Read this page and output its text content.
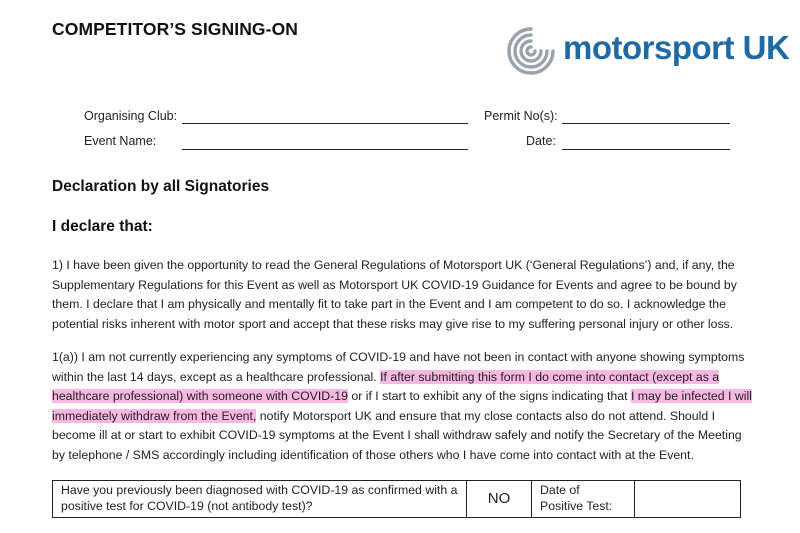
COMPETITOR’S SIGNING-ON	motorsport UK
Organising Club:	Permit No(s):
Event Name:	Date:
Declaration by all Signatories
I declare that:

1) I have been given the opportunity to read the General Regulations of Motorsport UK (‘General Regulations’) and, if any, the Supplementary Regulations for this Event as well as Motorsport UK COVID-19 Guidance for Events and agree to be bound by them. I declare that I am physically and mentally fit to take part in the Event and I am competent to do so. I acknowledge the potential risks inherent with motor sport and accept that these risks may give rise to my suffering personal injury or other loss.

1(a)) I am not currently experiencing any symptoms of COVID-19 and have not been in contact with anyone showing symptoms within the last 14 days, except as a healthcare professional. If after submitting this form I do come into contact (except as a healthcare professional) with someone with COVID-19 or if I start to exhibit any of the signs indicating that I may be infected I will immediately withdraw from the Event, notify Motorsport UK and ensure that my close contacts also do not attend. Should I become ill at or start to exhibit COVID-19 symptoms at the Event I shall withdraw safely and notify the Secretary of the Meeting by telephone / SMS accordingly including identification of those others who I have come into contact with at the Event.

Have you previously been diagnosed with COVID-19 as confirmed with a positive test for COVID-19 (not antibody test)?	NO	Date of Positive Test:	
